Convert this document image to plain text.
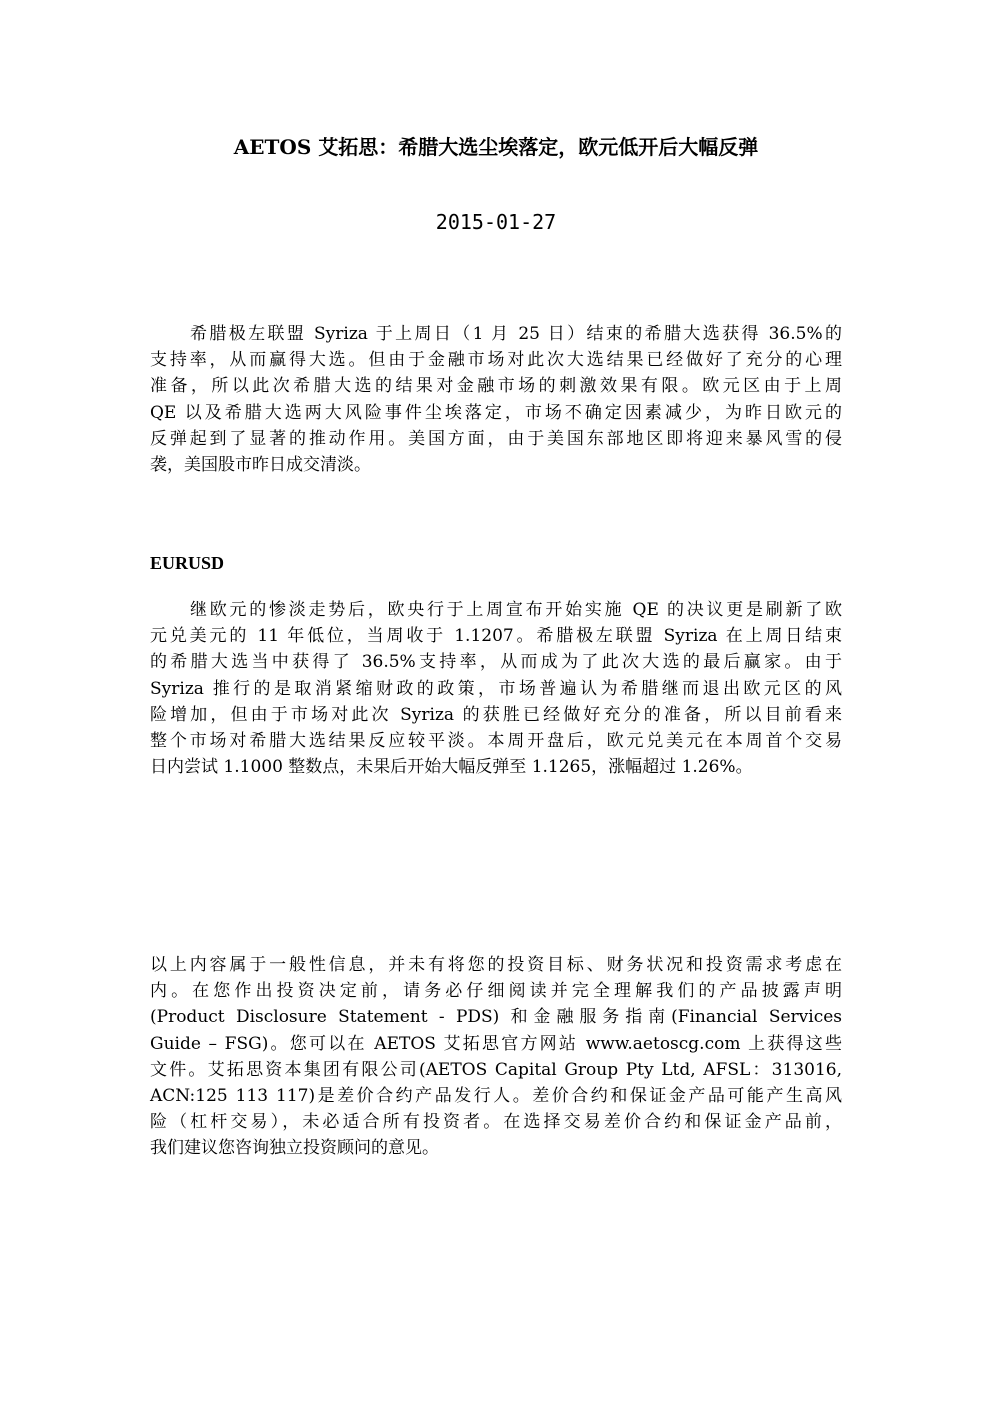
AETOS 艾拓思：希腊大选尘埃落定，欧元低开后大幅反弹
2015-01-27

希腊极左联盟 Syriza 于上周日（1 月 25 日）结束的希腊大选获得 36.5%的
支持率，从而赢得大选。但由于金融市场对此次大选结果已经做好了充分的心理
准备，所以此次希腊大选的结果对金融市场的刺激效果有限。欧元区由于上周
QE 以及希腊大选两大风险事件尘埃落定，市场不确定因素减少，为昨日欧元的
反弹起到了显著的推动作用。美国方面，由于美国东部地区即将迎来暴风雪的侵
袭，美国股市昨日成交清淡。

EURUSD

继欧元的惨淡走势后，欧央行于上周宣布开始实施 QE 的决议更是刷新了欧
元兑美元的 11 年低位，当周收于 1.1207。希腊极左联盟 Syriza 在上周日结束
的希腊大选当中获得了 36.5%支持率，从而成为了此次大选的最后赢家。由于
Syriza 推行的是取消紧缩财政的政策，市场普遍认为希腊继而退出欧元区的风
险增加，但由于市场对此次 Syriza 的获胜已经做好充分的准备，所以目前看来
整个市场对希腊大选结果反应较平淡。本周开盘后，欧元兑美元在本周首个交易
日内尝试 1.1000 整数点，未果后开始大幅反弹至 1.1265，涨幅超过 1.26%。

以上内容属于一般性信息，并未有将您的投资目标、财务状况和投资需求考虑在
内。在您作出投资决定前，请务必仔细阅读并完全理解我们的产品披露声明
(Product Disclosure Statement - PDS) 和金融服务指南(Financial Services
Guide – FSG)。您可以在 AETOS 艾拓思官方网站 www.aetoscg.com 上获得这些
文件。艾拓思资本集团有限公司(AETOS Capital Group Pty Ltd, AFSL：313016,
ACN:125 113 117)是差价合约产品发行人。差价合约和保证金产品可能产生高风
险（杠杆交易），未必适合所有投资者。在选择交易差价合约和保证金产品前，
我们建议您咨询独立投资顾问的意见。
